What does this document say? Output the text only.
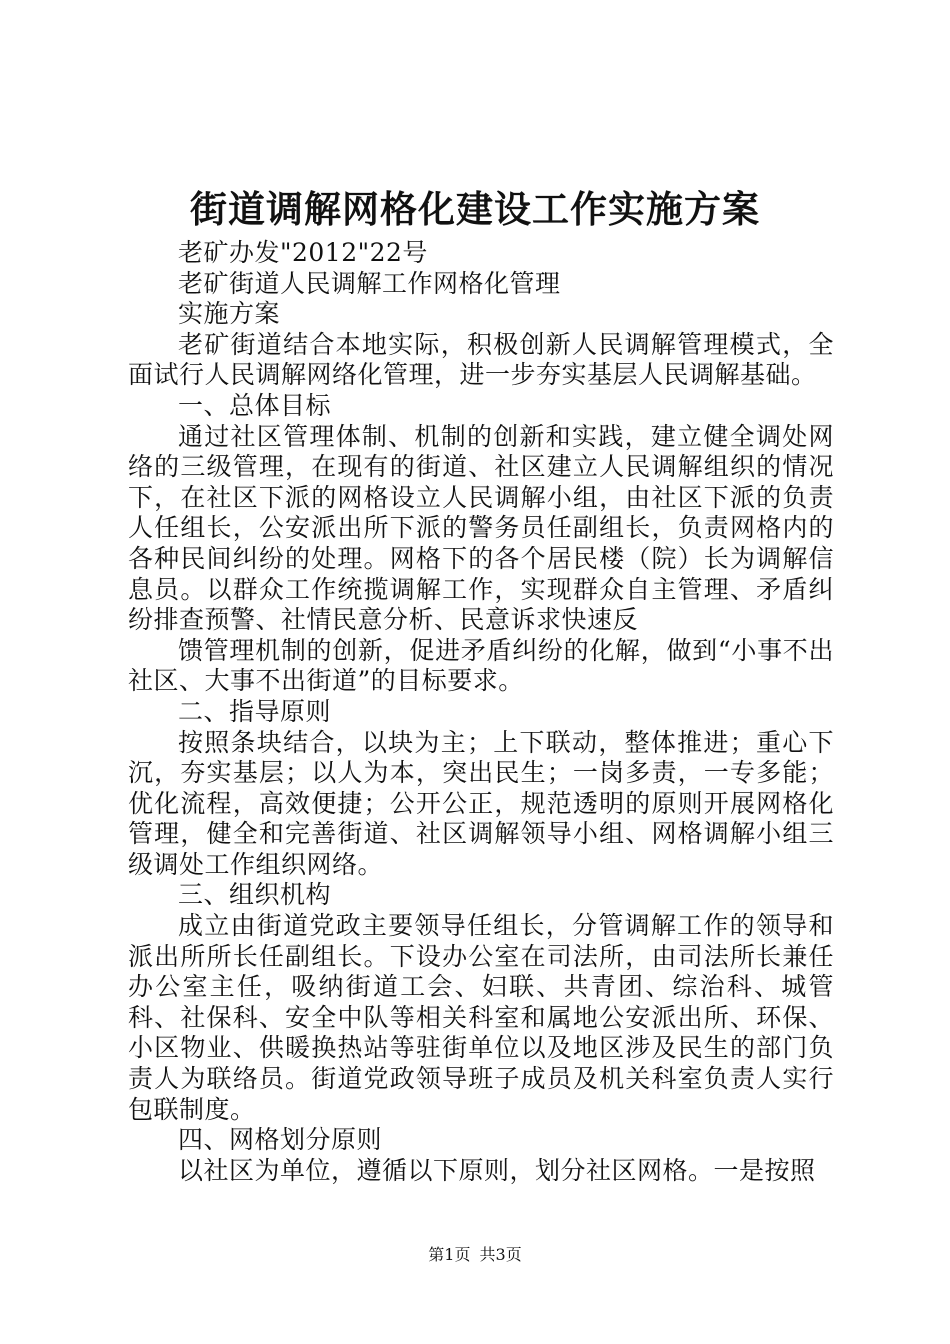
街道调解网格化建设工作实施方案

老矿办发"2012"22号

老矿街道人民调解工作网格化管理

实施方案

老矿街道结合本地实际，积极创新人民调解管理模式，全面试行人民调解网络化管理，进一步夯实基层人民调解基础。

一、总体目标

通过社区管理体制、机制的创新和实践，建立健全调处网络的三级管理，在现有的街道、社区建立人民调解组织的情况下，在社区下派的网格设立人民调解小组，由社区下派的负责人任组长，公安派出所下派的警务员任副组长，负责网格内的各种民间纠纷的处理。网格下的各个居民楼（院）长为调解信息员。以群众工作统揽调解工作，实现群众自主管理、矛盾纠纷排查预警、社情民意分析、民意诉求快速反

馈管理机制的创新，促进矛盾纠纷的化解，做到“小事不出社区、大事不出街道”的目标要求。

二、指导原则

按照条块结合，以块为主；上下联动，整体推进；重心下沉，夯实基层；以人为本，突出民生；一岗多责，一专多能；优化流程，高效便捷；公开公正，规范透明的原则开展网格化管理，健全和完善街道、社区调解领导小组、网格调解小组三级调处工作组织网络。

三、组织机构

成立由街道党政主要领导任组长，分管调解工作的领导和派出所所长任副组长。下设办公室在司法所，由司法所长兼任办公室主任，吸纳街道工会、妇联、共青团、综治科、城管科、社保科、安全中队等相关科室和属地公安派出所、环保、小区物业、供暖换热站等驻街单位以及地区涉及民生的部门负责人为联络员。街道党政领导班子成员及机关科室负责人实行包联制度。

四、网格划分原则

以社区为单位，遵循以下原则，划分社区网格。一是按照

第1页 共3页
